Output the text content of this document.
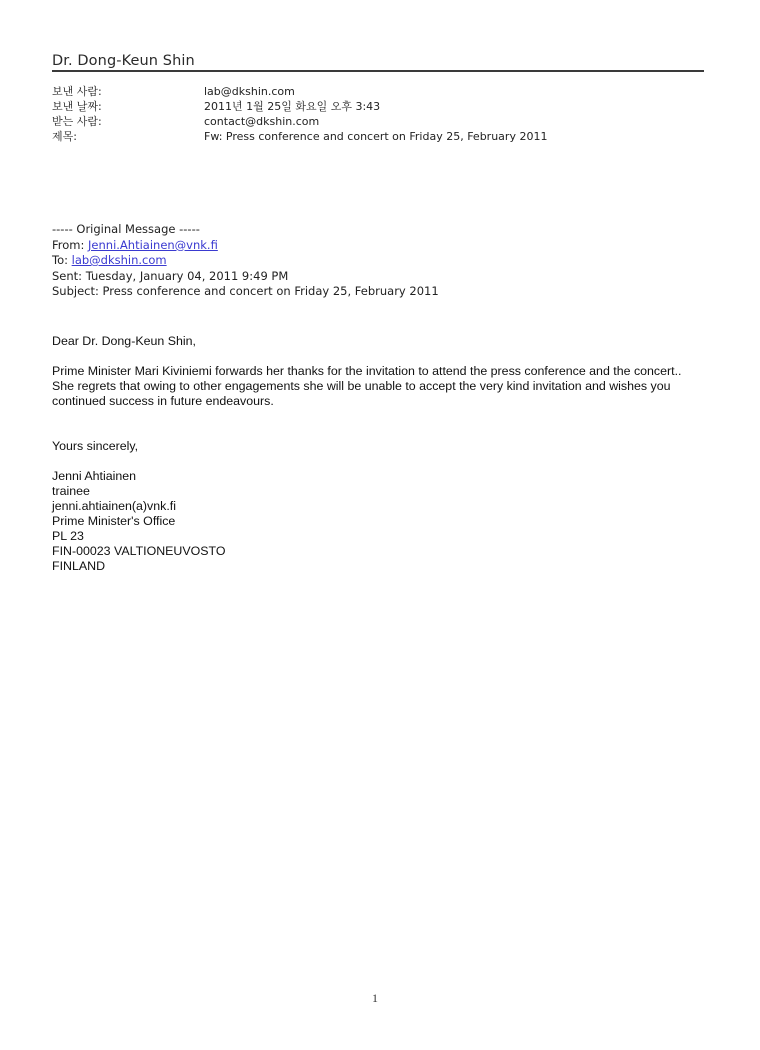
Dr. Dong-Keun Shin
보낸 사람:	lab@dkshin.com
보낸 날짜:	2011년 1월 25일 화요일 오후 3:43
받는 사람:	contact@dkshin.com
제목:	Fw: Press conference and concert on Friday 25, February 2011
----- Original Message -----
From: Jenni.Ahtiainen@vnk.fi
To: lab@dkshin.com
Sent: Tuesday, January 04, 2011 9:49 PM
Subject: Press conference and concert on Friday 25, February 2011

Dear Dr. Dong-Keun Shin,

Prime Minister Mari Kiviniemi forwards her thanks for the invitation to attend the press conference and the concert..

She regrets that owing to other engagements she will be unable to accept the very kind invitation and wishes you

continued success in future endeavours.

Yours sincerely,

Jenni Ahtiainen

trainee

jenni.ahtiainen(a)vnk.fi

Prime Minister's Office

PL 23

FIN-00023 VALTIONEUVOSTO

FINLAND

1
